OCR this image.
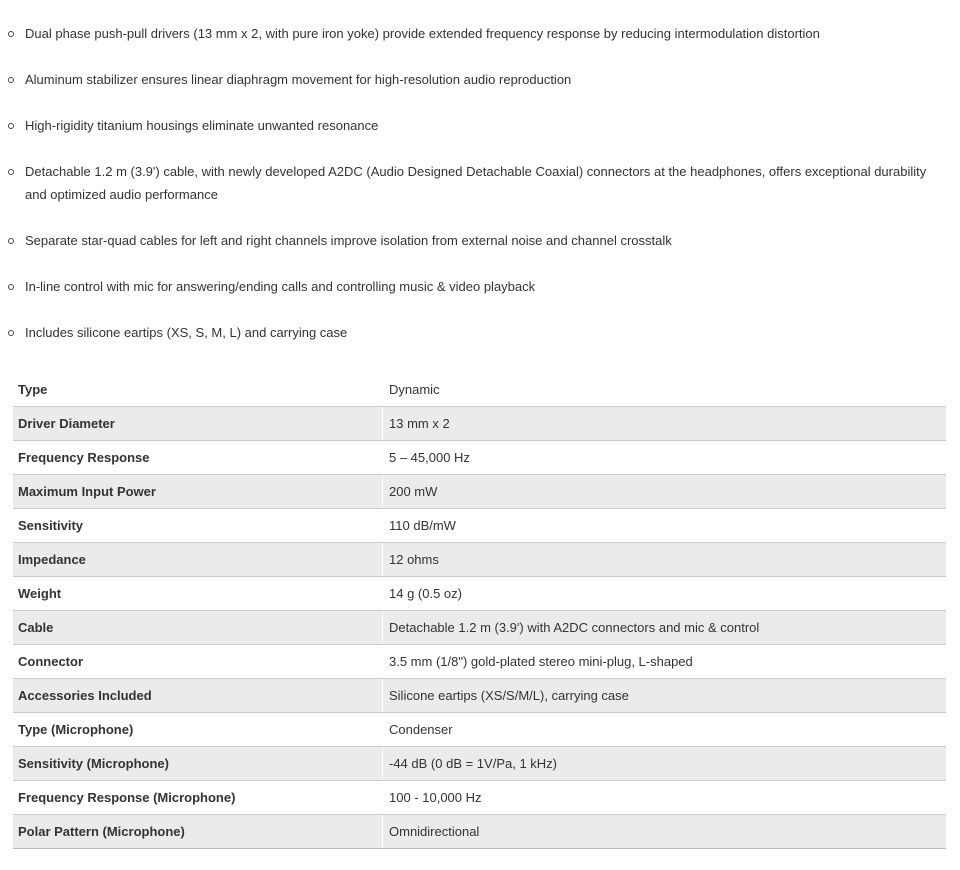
Dual phase push-pull drivers (13 mm x 2, with pure iron yoke) provide extended frequency response by reducing intermodulation distortion
Aluminum stabilizer ensures linear diaphragm movement for high-resolution audio reproduction
High-rigidity titanium housings eliminate unwanted resonance
Detachable 1.2 m (3.9') cable, with newly developed A2DC (Audio Designed Detachable Coaxial) connectors at the headphones, offers exceptional durability and optimized audio performance
Separate star-quad cables for left and right channels improve isolation from external noise and channel crosstalk
In-line control with mic for answering/ending calls and controlling music & video playback
Includes silicone eartips (XS, S, M, L) and carrying case
Type	Dynamic
Driver Diameter	13 mm x 2
Frequency Response	5 – 45,000 Hz
Maximum Input Power	200 mW
Sensitivity	110 dB/mW
Impedance	12 ohms
Weight	14 g (0.5 oz)
Cable	Detachable 1.2 m (3.9') with A2DC connectors and mic & control
Connector	3.5 mm (1/8") gold-plated stereo mini-plug, L-shaped
Accessories Included	Silicone eartips (XS/S/M/L), carrying case
Type (Microphone)	Condenser
Sensitivity (Microphone)	-44 dB (0 dB = 1V/Pa, 1 kHz)
Frequency Response (Microphone)	100 - 10,000 Hz
Polar Pattern (Microphone)	Omnidirectional
